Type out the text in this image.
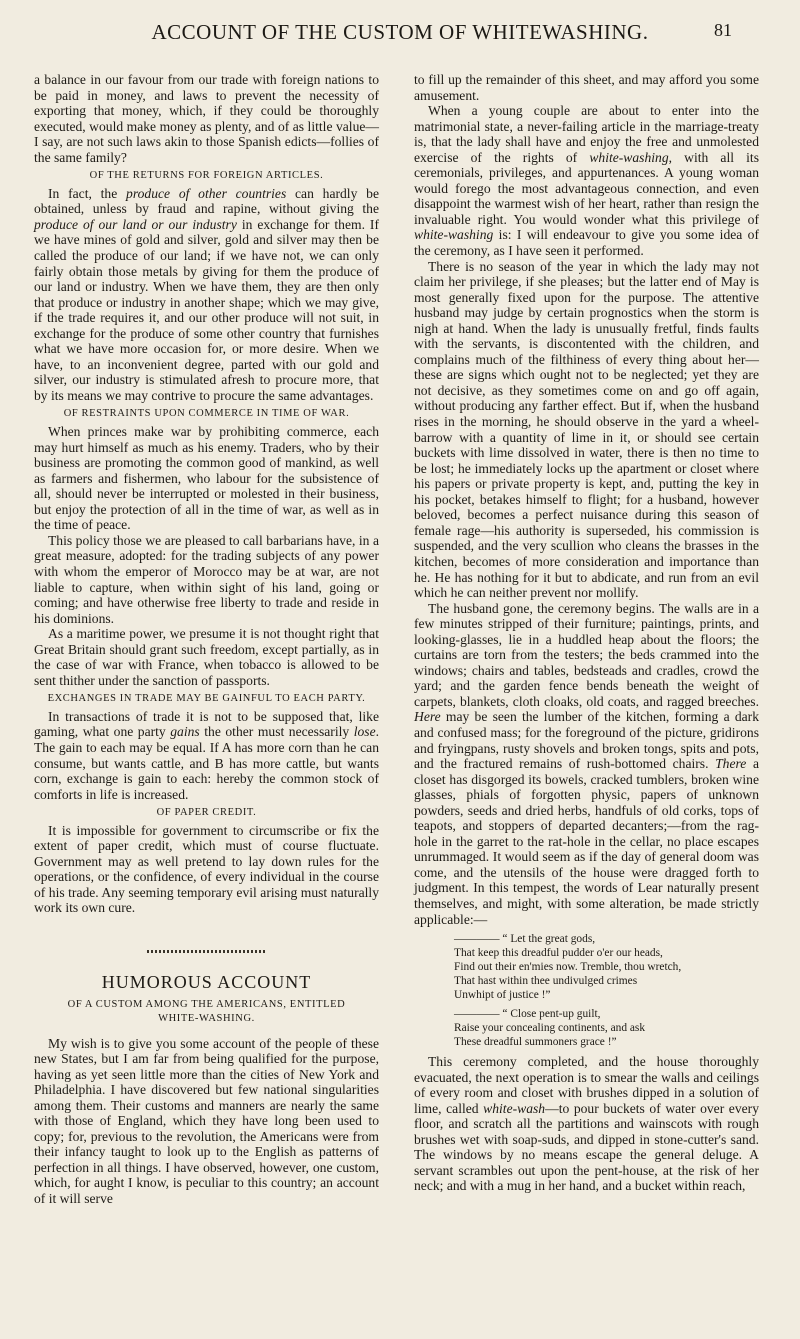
ACCOUNT OF THE CUSTOM OF WHITEWASHING.	81

a balance in our favour from our trade with foreign nations to be paid in money, and laws to prevent the necessity of exporting that money, which, if they could be thoroughly executed, would make money as plenty, and of as little value—I say, are not such laws akin to those Spanish edicts—follies of the same family?

OF THE RETURNS FOR FOREIGN ARTICLES.

In fact, the produce of other countries can hardly be obtained, unless by fraud and rapine, without giving the produce of our land or our industry in exchange for them. If we have mines of gold and silver, gold and silver may then be called the produce of our land; if we have not, we can only fairly obtain those metals by giving for them the produce of our land or industry. When we have them, they are then only that produce or industry in another shape; which we may give, if the trade requires it, and our other produce will not suit, in exchange for the produce of some other country that furnishes what we have more occasion for, or more desire. When we have, to an inconvenient degree, parted with our gold and silver, our industry is stimulated afresh to procure more, that by its means we may contrive to procure the same advantages.

OF RESTRAINTS UPON COMMERCE IN TIME OF WAR.

When princes make war by prohibiting commerce, each may hurt himself as much as his enemy. Traders, who by their business are promoting the common good of mankind, as well as farmers and fishermen, who labour for the subsistence of all, should never be interrupted or molested in their business, but enjoy the protection of all in the time of war, as well as in the time of peace.

This policy those we are pleased to call barbarians have, in a great measure, adopted: for the trading subjects of any power with whom the emperor of Morocco may be at war, are not liable to capture, when within sight of his land, going or coming; and have otherwise free liberty to trade and reside in his dominions.

As a maritime power, we presume it is not thought right that Great Britain should grant such freedom, except partially, as in the case of war with France, when tobacco is allowed to be sent thither under the sanction of passports.

EXCHANGES IN TRADE MAY BE GAINFUL TO EACH PARTY.

In transactions of trade it is not to be supposed that, like gaming, what one party gains the other must necessarily lose. The gain to each may be equal. If A has more corn than he can consume, but wants cattle, and B has more cattle, but wants corn, exchange is gain to each: hereby the common stock of comforts in life is increased.

OF PAPER CREDIT.

It is impossible for government to circumscribe or fix the extent of paper credit, which must of course fluctuate. Government may as well pretend to lay down rules for the operations, or the confidence, of every individual in the course of his trade. Any seeming temporary evil arising must naturally work its own cure.

HUMOROUS ACCOUNT
OF A CUSTOM AMONG THE AMERICANS, ENTITLED WHITE-WASHING.

My wish is to give you some account of the people of these new States, but I am far from being qualified for the purpose, having as yet seen little more than the cities of New York and Philadelphia. I have discovered but few national singularities among them. Their customs and manners are nearly the same with those of England, which they have long been used to copy; for, previous to the revolution, the Americans were from their infancy taught to look up to the English as patterns of perfection in all things. I have observed, however, one custom, which, for aught I know, is peculiar to this country; an account of it will serve

to fill up the remainder of this sheet, and may afford you some amusement.

When a young couple are about to enter into the matrimonial state, a never-failing article in the marriage-treaty is, that the lady shall have and enjoy the free and unmolested exercise of the rights of white-washing, with all its ceremonials, privileges, and appurtenances. A young woman would forego the most advantageous connection, and even disappoint the warmest wish of her heart, rather than resign the invaluable right. You would wonder what this privilege of white-washing is: I will endeavour to give you some idea of the ceremony, as I have seen it performed.

There is no season of the year in which the lady may not claim her privilege, if she pleases; but the latter end of May is most generally fixed upon for the purpose. The attentive husband may judge by certain prognostics when the storm is nigh at hand. When the lady is unusually fretful, finds faults with the servants, is discontented with the children, and complains much of the filthiness of every thing about her—these are signs which ought not to be neglected; yet they are not decisive, as they sometimes come on and go off again, without producing any farther effect. But if, when the husband rises in the morning, he should observe in the yard a wheel-barrow with a quantity of lime in it, or should see certain buckets with lime dissolved in water, there is then no time to be lost; he immediately locks up the apartment or closet where his papers or private property is kept, and, putting the key in his pocket, betakes himself to flight; for a husband, however beloved, becomes a perfect nuisance during this season of female rage—his authority is superseded, his commission is suspended, and the very scullion who cleans the brasses in the kitchen, becomes of more consideration and importance than he. He has nothing for it but to abdicate, and run from an evil which he can neither prevent nor mollify.

The husband gone, the ceremony begins. The walls are in a few minutes stripped of their furniture; paintings, prints, and looking-glasses, lie in a huddled heap about the floors; the curtains are torn from the testers; the beds crammed into the windows; chairs and tables, bedsteads and cradles, crowd the yard; and the garden fence bends beneath the weight of carpets, blankets, cloth cloaks, old coats, and ragged breeches. Here may be seen the lumber of the kitchen, forming a dark and confused mass; for the foreground of the picture, gridirons and fryingpans, rusty shovels and broken tongs, spits and pots, and the fractured remains of rush-bottomed chairs. There a closet has disgorged its bowels, cracked tumblers, broken wine glasses, phials of forgotten physic, papers of unknown powders, seeds and dried herbs, handfuls of old corks, tops of teapots, and stoppers of departed decanters;—from the rag-hole in the garret to the rat-hole in the cellar, no place escapes unrummaged. It would seem as if the day of general doom was come, and the utensils of the house were dragged forth to judgment. In this tempest, the words of Lear naturally present themselves, and might, with some alteration, be made strictly applicable:—

———— “ Let the great gods,
That keep this dreadful pudder o'er our heads,
Find out their en'mies now. Tremble, thou wretch,
That hast within thee undivulged crimes
Unwhipt of justice !”
———— “ Close pent-up guilt,
Raise your concealing continents, and ask
These dreadful summoners grace !”

This ceremony completed, and the house thoroughly evacuated, the next operation is to smear the walls and ceilings of every room and closet with brushes dipped in a solution of lime, called white-wash—to pour buckets of water over every floor, and scratch all the partitions and wainscots with rough brushes wet with soap-suds, and dipped in stone-cutter's sand. The windows by no means escape the general deluge. A servant scrambles out upon the pent-house, at the risk of her neck; and with a mug in her hand, and a bucket within reach,
